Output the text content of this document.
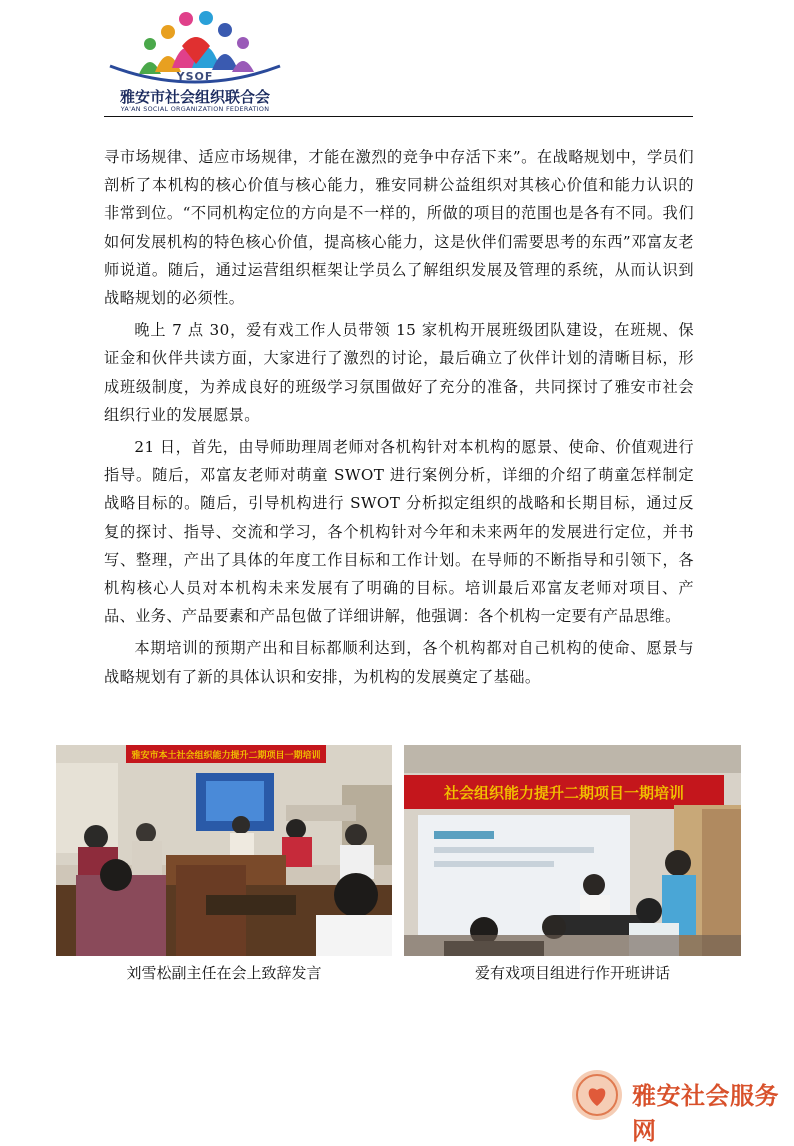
YSOF
雅安市社会组织联合会
YA'AN SOCIAL ORGANIZATION FEDERATION

寻市场规律、适应市场规律，才能在激烈的竞争中存活下来”。在战略规划中，学员们剖析了本机构的核心价值与核心能力，雅安同耕公益组织对其核心价值和能力认识的非常到位。“不同机构定位的方向是不一样的，所做的项目的范围也是各有不同。我们如何发展机构的特色核心价值，提高核心能力，这是伙伴们需要思考的东西”邓富友老师说道。随后，通过运营组织框架让学员么了解组织发展及管理的系统，从而认识到战略规划的必须性。

晚上 7 点 30，爱有戏工作人员带领 15 家机构开展班级团队建设，在班规、保证金和伙伴共读方面，大家进行了激烈的讨论，最后确立了伙伴计划的清晰目标，形成班级制度，为养成良好的班级学习氛围做好了充分的准备，共同探讨了雅安市社会组织行业的发展愿景。

21 日，首先，由导师助理周老师对各机构针对本机构的愿景、使命、价值观进行指导。随后，邓富友老师对萌童 SWOT 进行案例分析，详细的介绍了萌童怎样制定战略目标的。随后，引导机构进行 SWOT 分析拟定组织的战略和长期目标，通过反复的探讨、指导、交流和学习，各个机构针对今年和未来两年的发展进行定位，并书写、整理，产出了具体的年度工作目标和工作计划。在导师的不断指导和引领下，各机构核心人员对本机构未来发展有了明确的目标。培训最后邓富友老师对项目、产品、业务、产品要素和产品包做了详细讲解，他强调：各个机构一定要有产品思维。

本期培训的预期产出和目标都顺利达到，各个机构都对自己机构的使命、愿景与战略规划有了新的具体认识和安排，为机构的发展奠定了基础。

雅安市本土社会组织能力提升二期项目一期培训
刘雪松副主任在会上致辞发言
社会组织能力提升二期项目一期培训
爱有戏项目组进行作开班讲话
雅安社会服务网
